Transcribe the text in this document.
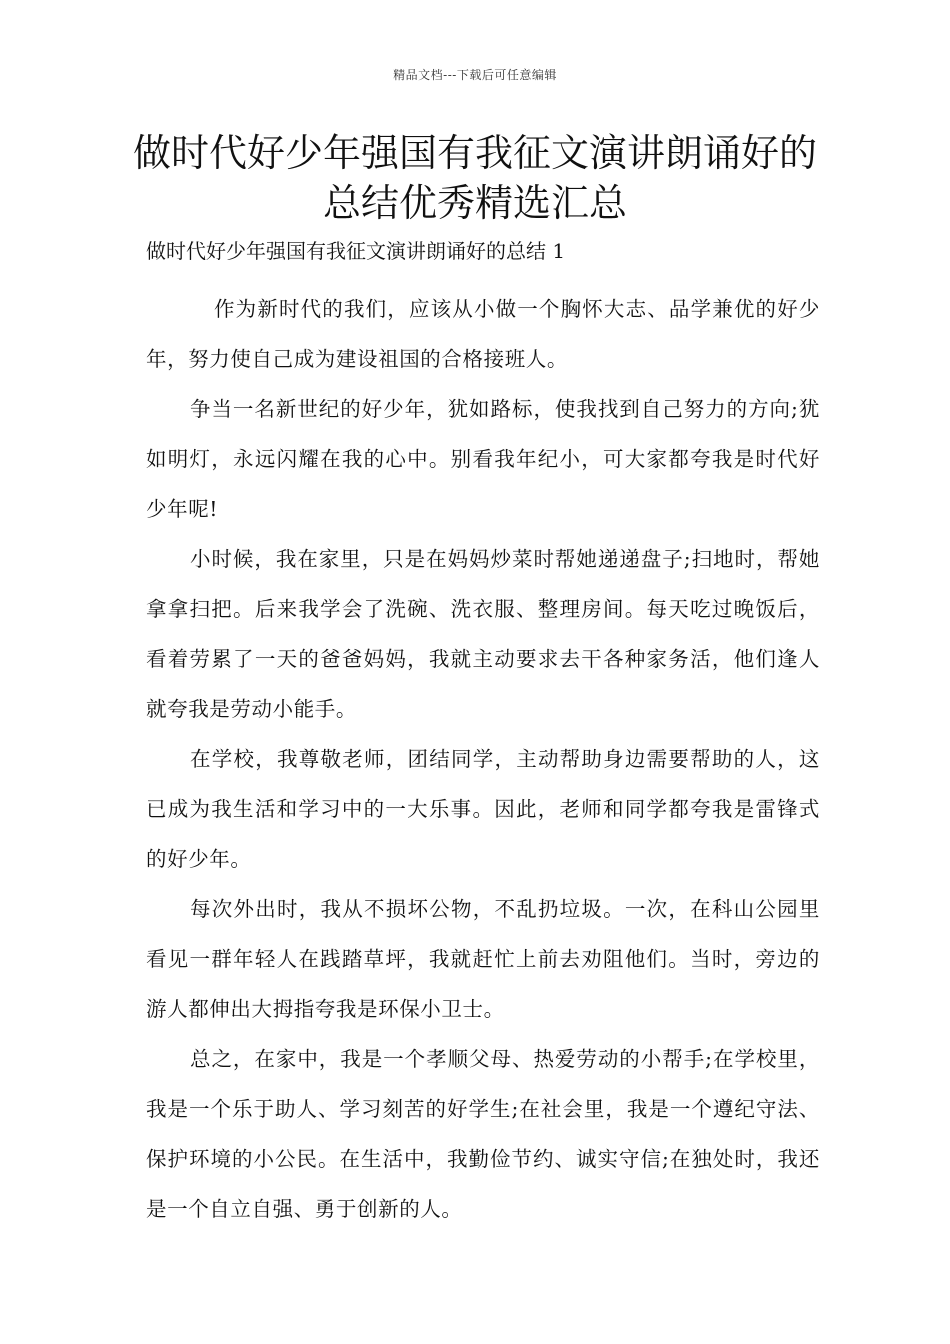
精品文档---下载后可任意编辑
做时代好少年强国有我征文演讲朗诵好的总结优秀精选汇总

做时代好少年强国有我征文演讲朗诵好的总结 1

作为新时代的我们，应该从小做一个胸怀大志、品学兼优的好少年，努力使自己成为建设祖国的合格接班人。

争当一名新世纪的好少年，犹如路标，使我找到自己努力的方向;犹如明灯，永远闪耀在我的心中。别看我年纪小，可大家都夸我是时代好少年呢!

小时候，我在家里，只是在妈妈炒菜时帮她递递盘子;扫地时，帮她拿拿扫把。后来我学会了洗碗、洗衣服、整理房间。每天吃过晚饭后，看着劳累了一天的爸爸妈妈，我就主动要求去干各种家务活，他们逢人就夸我是劳动小能手。

在学校，我尊敬老师，团结同学，主动帮助身边需要帮助的人，这已成为我生活和学习中的一大乐事。因此，老师和同学都夸我是雷锋式的好少年。

每次外出时，我从不损坏公物，不乱扔垃圾。一次，在科山公园里看见一群年轻人在践踏草坪，我就赶忙上前去劝阻他们。当时，旁边的游人都伸出大拇指夸我是环保小卫士。

总之，在家中，我是一个孝顺父母、热爱劳动的小帮手;在学校里，我是一个乐于助人、学习刻苦的好学生;在社会里，我是一个遵纪守法、保护环境的小公民。在生活中，我勤俭节约、诚实守信;在独处时，我还是一个自立自强、勇于创新的人。
